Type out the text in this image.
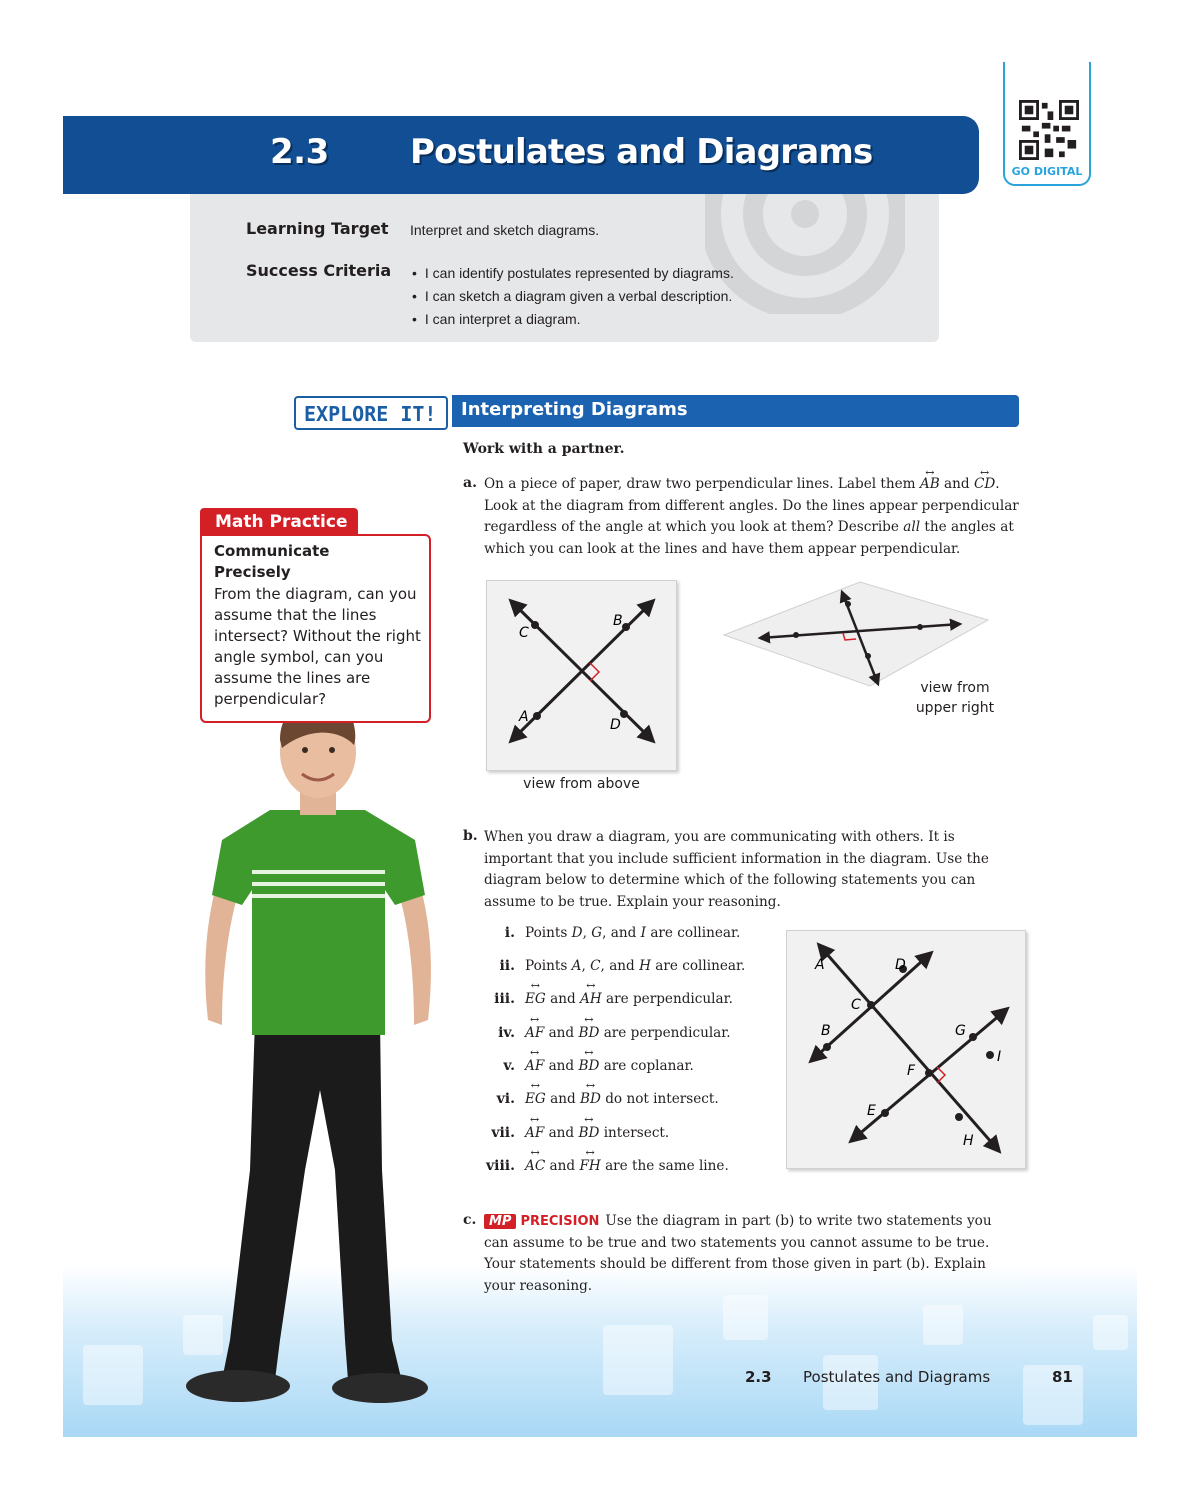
2.3 Postulates and Diagrams	GO DIGITAL
Learning Target Interpret and sketch diagrams.
Success Criteria	• I can identify postulates represented by diagrams.
• I can sketch a diagram given a verbal description.
• I can interpret a diagram.
EXPLORE IT! Interpreting Diagrams
Work with a partner.
a. On a piece of paper, draw two perpendicular lines. Label them ↔ AB and ↔ CD. Look at the diagram from different angles. Do the lines appear perpendicular regardless of the angle at which you look at them? Describe all the angles at which you can look at the lines and have them appear perpendicular.
C
B
A	D
view from above
view from
upper right
Math Practice
Communicate
Precisely
From the diagram, can you assume that the lines intersect? Without the right angle symbol, can you assume the lines are perpendicular?
b. When you draw a diagram, you are communicating with others. It is important that you include sufficient information in the diagram. Use the diagram below to determine which of the following statements you can assume to be true. Explain your reasoning.
i. Points D, G, and I are collinear.
ii. Points A, C, and H are collinear.
iii. ↔ EG and ↔ AH are perpendicular.
iv. ↔ AF and ↔ BD are perpendicular.
v. ↔ AF and ↔ BD are coplanar.
vi. ↔ EG and ↔ BD do not intersect.
vii. ↔ AF and ↔ BD intersect.
viii. ↔ AC and ↔ FH are the same line.
A
B
C
D
E
F
G
H
I
c. MP PRECISION Use the diagram in part (b) to write two statements you can assume to be true and two statements you cannot assume to be true. Your statements should be different from those given in part (b). Explain your reasoning.
2.3 Postulates and Diagrams	81
